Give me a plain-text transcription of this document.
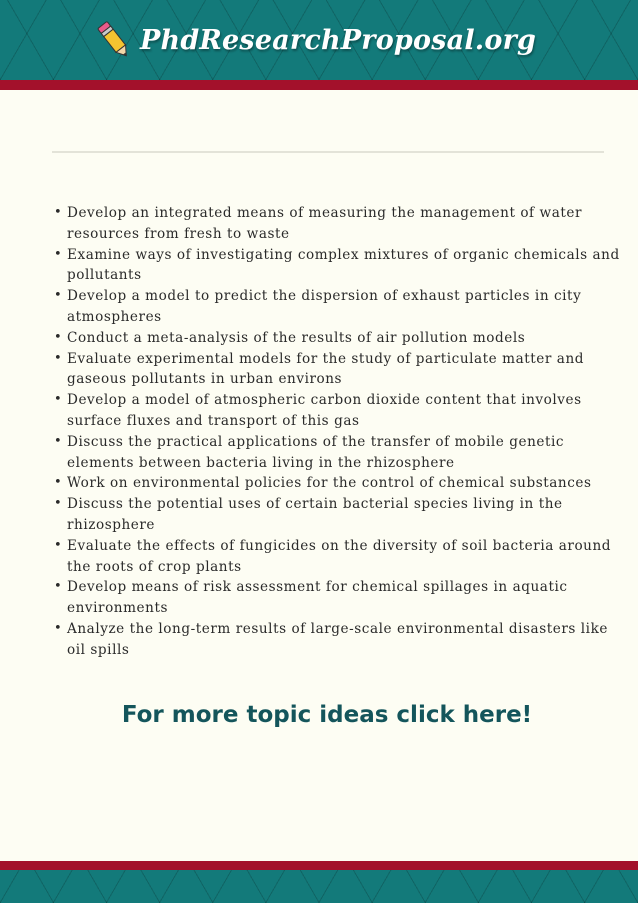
PhdResearchProposal.org
• Develop an integrated means of measuring the management of water resources from fresh to waste
• Examine ways of investigating complex mixtures of organic chemicals and pollutants
• Develop a model to predict the dispersion of exhaust particles in city atmospheres
• Conduct a meta-analysis of the results of air pollution models
• Evaluate experimental models for the study of particulate matter and gaseous pollutants in urban environs
• Develop a model of atmospheric carbon dioxide content that involves surface fluxes and transport of this gas
• Discuss the practical applications of the transfer of mobile genetic elements between bacteria living in the rhizosphere
• Work on environmental policies for the control of chemical substances
• Discuss the potential uses of certain bacterial species living in the rhizosphere
• Evaluate the effects of fungicides on the diversity of soil bacteria around the roots of crop plants
• Develop means of risk assessment for chemical spillages in aquatic environments
• Analyze the long-term results of large-scale environmental disasters like oil spills
For more topic ideas click here!
